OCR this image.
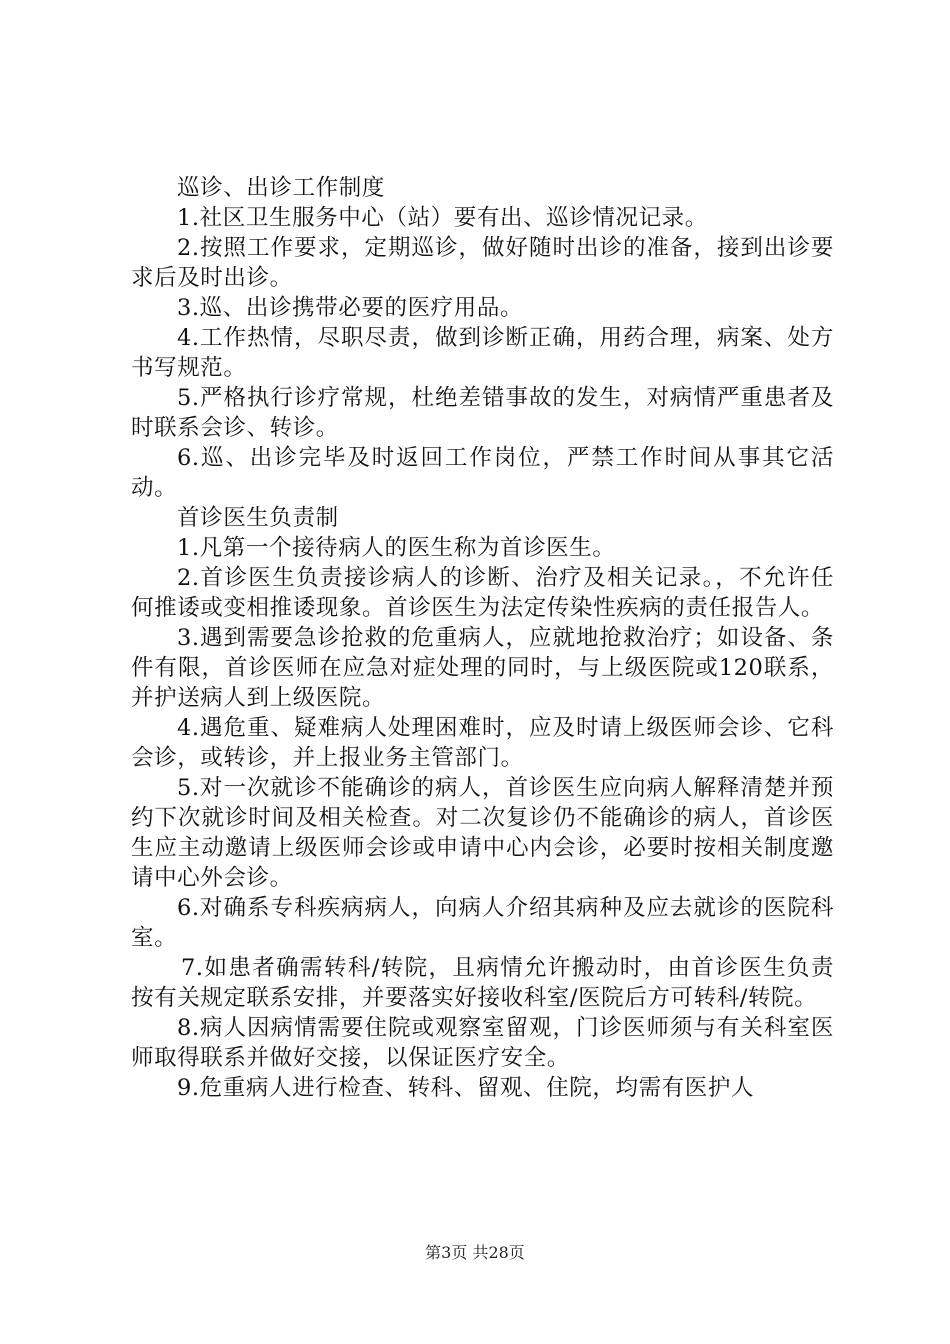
巡诊、出诊工作制度

1.社区卫生服务中心（站）要有出、巡诊情况记录。

2.按照工作要求，定期巡诊，做好随时出诊的准备，接到出诊要求后及时出诊。

3.巡、出诊携带必要的医疗用品。

4.工作热情，尽职尽责，做到诊断正确，用药合理，病案、处方书写规范。

5.严格执行诊疗常规，杜绝差错事故的发生，对病情严重患者及时联系会诊、转诊。

6.巡、出诊完毕及时返回工作岗位，严禁工作时间从事其它活动。

首诊医生负责制

1.凡第一个接待病人的医生称为首诊医生。

2.首诊医生负责接诊病人的诊断、治疗及相关记录。，不允许任何推诿或变相推诿现象。首诊医生为法定传染性疾病的责任报告人。

3.遇到需要急诊抢救的危重病人，应就地抢救治疗；如设备、条件有限，首诊医师在应急对症处理的同时，与上级医院或120联系，并护送病人到上级医院。

4.遇危重、疑难病人处理困难时，应及时请上级医师会诊、它科会诊，或转诊，并上报业务主管部门。

5.对一次就诊不能确诊的病人，首诊医生应向病人解释清楚并预约下次就诊时间及相关检查。对二次复诊仍不能确诊的病人，首诊医生应主动邀请上级医师会诊或申请中心内会诊，必要时按相关制度邀请中心外会诊。

6.对确系专科疾病病人，向病人介绍其病种及应去就诊的医院科室。

7.如患者确需转科/转院，且病情允许搬动时，由首诊医生负责按有关规定联系安排，并要落实好接收科室/医院后方可转科/转院。

8.病人因病情需要住院或观察室留观，门诊医师须与有关科室医师取得联系并做好交接，以保证医疗安全。

9.危重病人进行检查、转科、留观、住院，均需有医护人

第3页 共28页
